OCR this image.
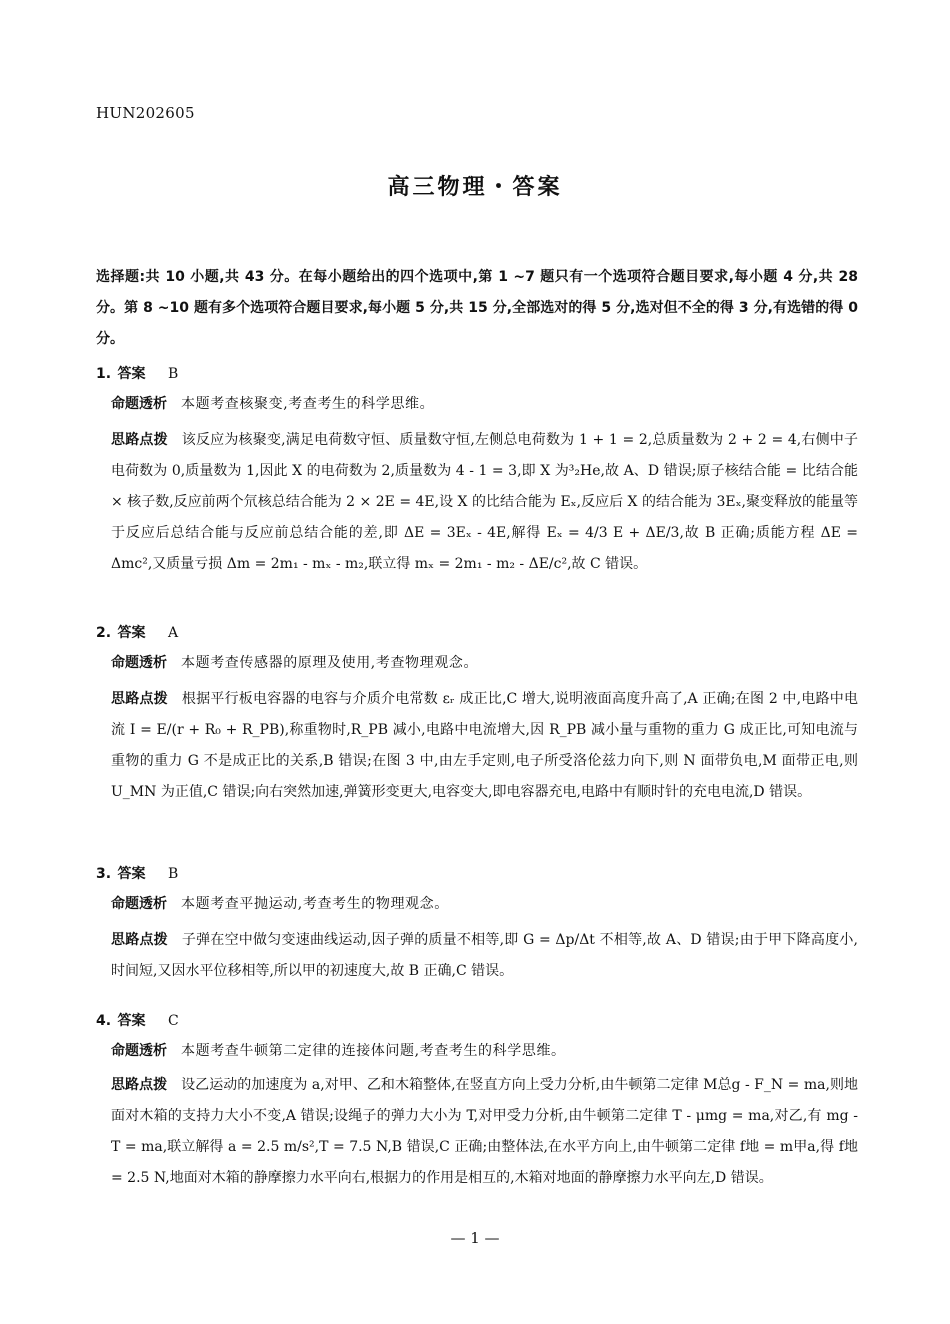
HUN202605
高三物理・答案
选择题:共 10 小题,共 43 分。在每小题给出的四个选项中,第 1 ~7 题只有一个选项符合题目要求,每小题 4 分,共 28 分。第 8 ~10 题有多个选项符合题目要求,每小题 5 分,共 15 分,全部选对的得 5 分,选对但不全的得 3 分,有选错的得 0 分。
1. 答案 B
命题透析 本题考查核聚变,考查考生的科学思维。
思路点拨 该反应为核聚变,满足电荷数守恒、质量数守恒,左侧总电荷数为 1 + 1 = 2,总质量数为 2 + 2 = 4,右侧中子电荷数为 0,质量数为 1,因此 X 的电荷数为 2,质量数为 4 - 1 = 3,即 X 为³₂He,故 A、D 错误;原子核结合能 = 比结合能 × 核子数,反应前两个氘核总结合能为 2 × 2E = 4E,设 X 的比结合能为 Eₓ,反应后 X 的结合能为 3Eₓ,聚变释放的能量等于反应后总结合能与反应前总结合能的差,即 ΔE = 3Eₓ - 4E,解得 Eₓ = 4/3 E + ΔE/3,故 B 正确;质能方程 ΔE = Δmc²,又质量亏损 Δm = 2m₁ - mₓ - m₂,联立得 mₓ = 2m₁ - m₂ - ΔE/c²,故 C 错误。
2. 答案 A
命题透析 本题考查传感器的原理及使用,考查物理观念。
思路点拨 根据平行板电容器的电容与介质介电常数 εᵣ 成正比,C 增大,说明液面高度升高了,A 正确;在图 2 中,电路中电流 I = E/(r + R₀ + R_PB),称重物时,R_PB 减小,电路中电流增大,因 R_PB 减小量与重物的重力 G 成正比,可知电流与重物的重力 G 不是成正比的关系,B 错误;在图 3 中,由左手定则,电子所受洛伦兹力向下,则 N 面带负电,M 面带正电,则 U_MN 为正值,C 错误;向右突然加速,弹簧形变更大,电容变大,即电容器充电,电路中有顺时针的充电电流,D 错误。
3. 答案 B
命题透析 本题考查平抛运动,考查考生的物理观念。
思路点拨 子弹在空中做匀变速曲线运动,因子弹的质量不相等,即 G = Δp/Δt 不相等,故 A、D 错误;由于甲下降高度小,时间短,又因水平位移相等,所以甲的初速度大,故 B 正确,C 错误。
4. 答案 C
命题透析 本题考查牛顿第二定律的连接体问题,考查考生的科学思维。
思路点拨 设乙运动的加速度为 a,对甲、乙和木箱整体,在竖直方向上受力分析,由牛顿第二定律 M总g - F_N = ma,则地面对木箱的支持力大小不变,A 错误;设绳子的弹力大小为 T,对甲受力分析,由牛顿第二定律 T - μmg = ma,对乙,有 mg - T = ma,联立解得 a = 2.5 m/s²,T = 7.5 N,B 错误,C 正确;由整体法,在水平方向上,由牛顿第二定律 f地 = m甲a,得 f地 = 2.5 N,地面对木箱的静摩擦力水平向右,根据力的作用是相互的,木箱对地面的静摩擦力水平向左,D 错误。
— 1 —
